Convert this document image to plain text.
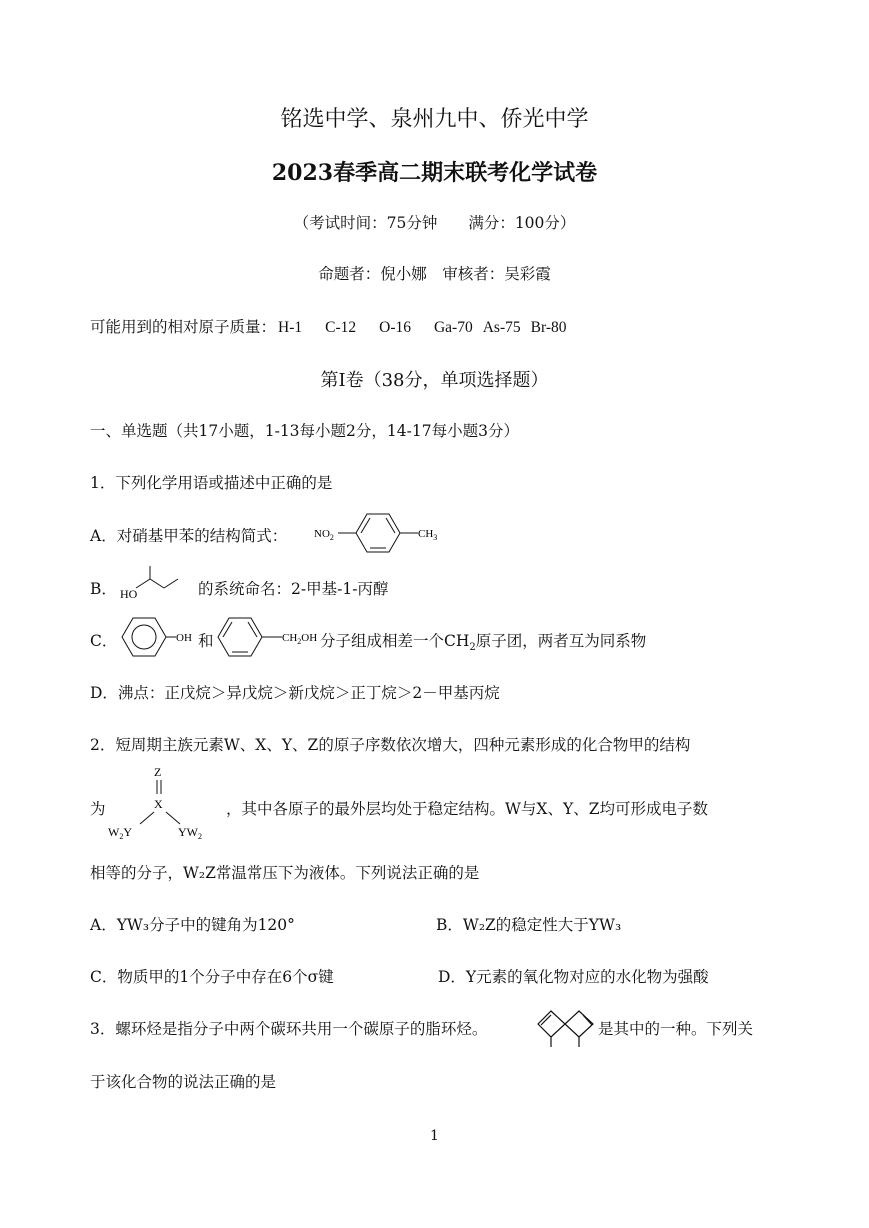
铭选中学、泉州九中、侨光中学
2023春季高二期末联考化学试卷
（考试时间：75分钟　　满分：100分）
命题者：倪小娜　审核者：吴彩霞
可能用到的相对原子质量： H-1 C-12 O-16 Ga-70 As-75 Br-80
第I卷（38分，单项选择题）
一、单选题（共17小题，1-13每小题2分，14-17每小题3分）
1．下列化学用语或描述中正确的是
A．对硝基甲苯的结构简式： $NO_2$	$CH_3$
B． HO	的系统命名：2-甲基-1-丙醇
C．	OH 和	$CH_2OH$ 分子组成相差一个$CH_2$原子团，两者互为同系物
D．沸点：正戊烷＞异戊烷＞新戊烷＞正丁烷＞2－甲基丙烷
2．短周期主族元素W、X、Y、Z的原子序数依次增大，四种元素形成的化合物甲的结构
为
Z
X
$W_2Y$	$YW_2$
，其中各原子的最外层均处于稳定结构。W与X、Y、Z均可形成电子数
相等的分子，W₂Z常温常压下为液体。下列说法正确的是
A．YW₃分子中的键角为120°	B．W₂Z的稳定性大于YW₃
C．物质甲的1个分子中存在6个σ键	D．Y元素的氧化物对应的水化物为强酸
3．螺环烃是指分子中两个碳环共用一个碳原子的脂环烃。	是其中的一种。下列关
于该化合物的说法正确的是
1
